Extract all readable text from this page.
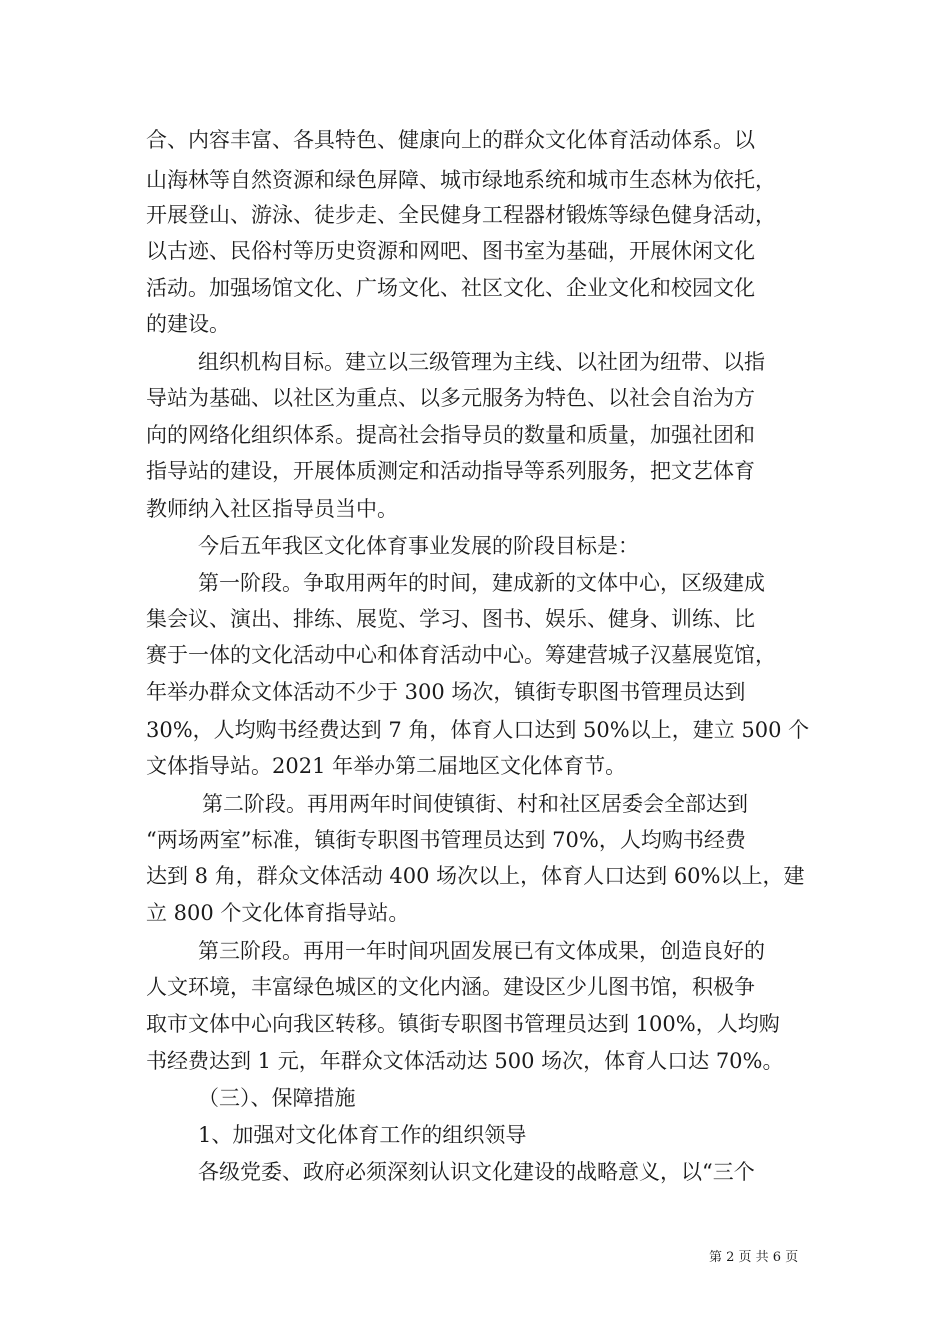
合、内容丰富、各具特色、健康向上的群众文化体育活动体系。以
山海林等自然资源和绿色屏障、城市绿地系统和城市生态林为依托，
开展登山、游泳、徒步走、全民健身工程器材锻炼等绿色健身活动，
以古迹、民俗村等历史资源和网吧、图书室为基础，开展休闲文化
活动。加强场馆文化、广场文化、社区文化、企业文化和校园文化
的建设。
组织机构目标。建立以三级管理为主线、以社团为纽带、以指
导站为基础、以社区为重点、以多元服务为特色、以社会自治为方
向的网络化组织体系。提高社会指导员的数量和质量，加强社团和
指导站的建设，开展体质测定和活动指导等系列服务，把文艺体育
教师纳入社区指导员当中。
今后五年我区文化体育事业发展的阶段目标是：
第一阶段。争取用两年的时间，建成新的文体中心，区级建成
集会议、演出、排练、展览、学习、图书、娱乐、健身、训练、比
赛于一体的文化活动中心和体育活动中心。筹建营城子汉墓展览馆，
年举办群众文体活动不少于 300 场次，镇街专职图书管理员达到
30%，人均购书经费达到 7 角，体育人口达到 50%以上，建立 500 个
文体指导站。2021 年举办第二届地区文化体育节。
第二阶段。再用两年时间使镇街、村和社区居委会全部达到
“两场两室”标准，镇街专职图书管理员达到 70%，人均购书经费
达到 8 角，群众文体活动 400 场次以上，体育人口达到 60%以上，建
立 800 个文化体育指导站。
第三阶段。再用一年时间巩固发展已有文体成果，创造良好的
人文环境，丰富绿色城区的文化内涵。建设区少儿图书馆，积极争
取市文体中心向我区转移。镇街专职图书管理员达到 100%，人均购
书经费达到 1 元，年群众文体活动达 500 场次，体育人口达 70%。
（三）、保障措施
1、加强对文化体育工作的组织领导
各级党委、政府必须深刻认识文化建设的战略意义，以“三个
第 2 页 共 6 页
